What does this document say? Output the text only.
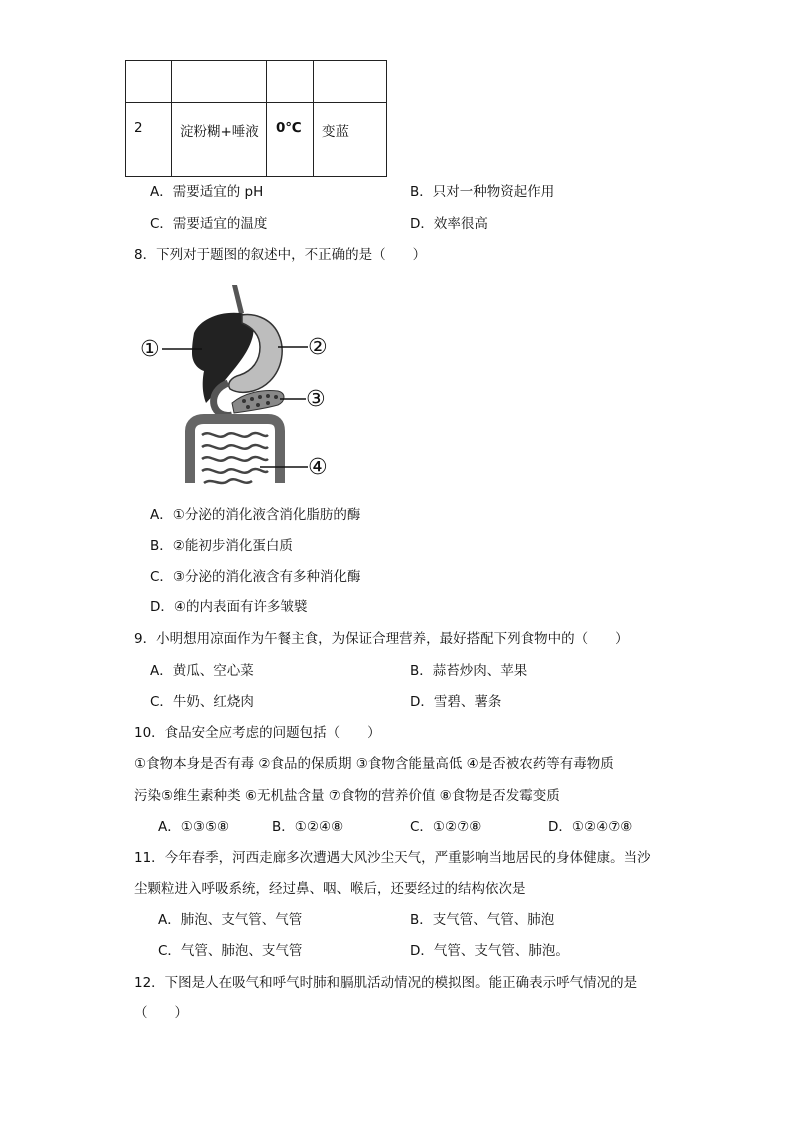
2	淀粉糊+唾液	0℃	变蓝
A．需要适宜的 pH	B．只对一种物资起作用
C．需要适宜的温度	D．效率很高
8．下列对于题图的叙述中，不正确的是（　　）
①	②
③
④
A．①分泌的消化液含消化脂肪的酶
B．②能初步消化蛋白质
C．③分泌的消化液含有多种消化酶
D．④的内表面有许多皱襞
9．小明想用凉面作为午餐主食，为保证合理营养，最好搭配下列食物中的（　　）
A．黄瓜、空心菜	B．蒜苔炒肉、苹果
C．牛奶、红烧肉	D．雪碧、薯条
10．食品安全应考虑的问题包括（　　）
①食物本身是否有毒 ②食品的保质期 ③食物含能量高低 ④是否被农药等有毒物质
污染⑤维生素种类 ⑥无机盐含量 ⑦食物的营养价值 ⑧食物是否发霉变质
A．①③⑤⑧	B．①②④⑧	C．①②⑦⑧	D．①②④⑦⑧
11．今年春季，河西走廊多次遭遇大风沙尘天气，严重影响当地居民的身体健康。当沙
尘颗粒进入呼吸系统，经过鼻、咽、喉后，还要经过的结构依次是
A．肺泡、支气管、气管	B．支气管、气管、肺泡
C．气管、肺泡、支气管	D．气管、支气管、肺泡。
12．下图是人在吸气和呼气时肺和膈肌活动情况的模拟图。能正确表示呼气情况的是
（　　）
